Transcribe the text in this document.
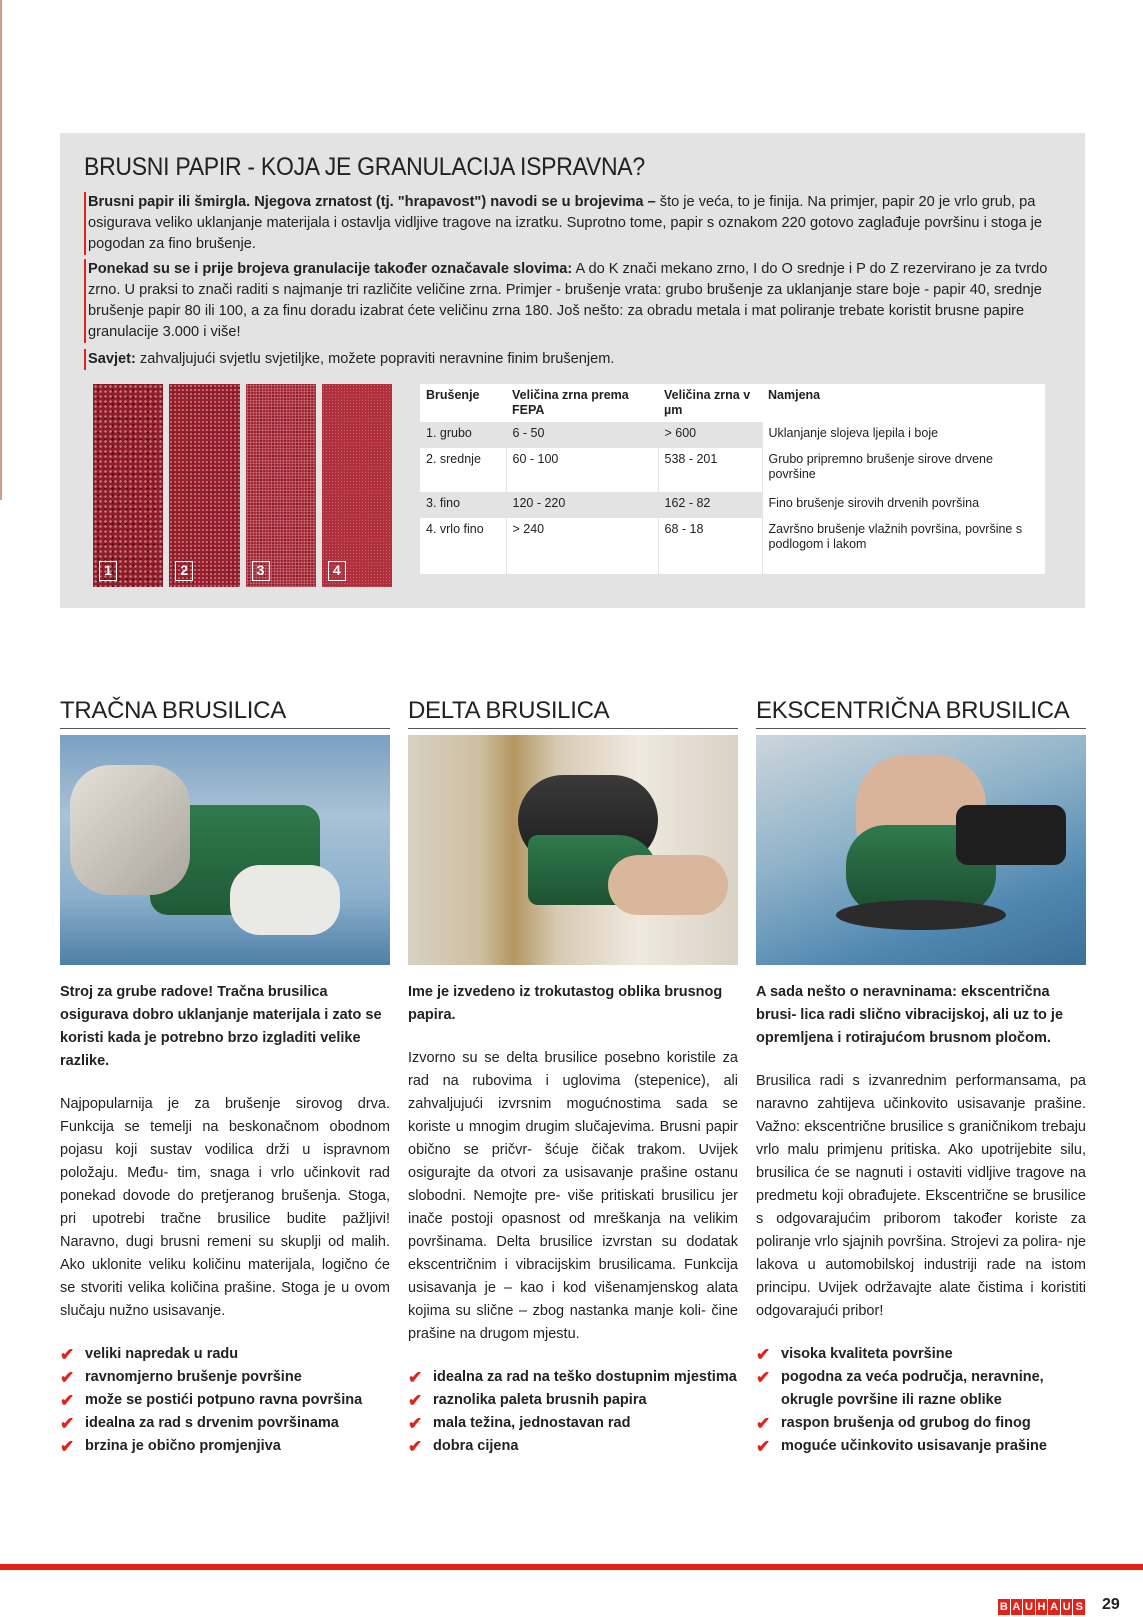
BRUSNI PAPIR - KOJA JE GRANULACIJA ISPRAVNA?

Brusni papir ili šmirgla. Njegova zrnatost (tj. "hrapavost") navodi se u brojevima – što je veća, to je finija. Na primjer, papir 20 je vrlo grub, pa osigurava veliko uklanjanje materijala i ostavlja vidljive tragove na izratku. Suprotno tome, papir s oznakom 220 gotovo zaglađuje površinu i stoga je pogodan za fino brušenje.

Ponekad su se i prije brojeva granulacije također označavale slovima: A do K znači mekano zrno, I do O srednje i P do Z rezervirano je za tvrdo zrno. U praksi to znači raditi s najmanje tri različite veličine zrna. Primjer - brušenje vrata: grubo brušenje za uklanjanje stare boje - papir 40, srednje brušenje papir 80 ili 100, a za finu doradu izabrat ćete veličinu zrna 180. Još nešto: za obradu metala i mat poliranje trebate koristit brusne papire granulacije 3.000 i više!

Savjet: zahvaljujući svjetlu svjetiljke, možete popraviti neravnine finim brušenjem.

1	2	3	4
Brušenje	Veličina zrna prema FEPA	Veličina zrna v µm	Namjena
1. grubo	6 - 50	> 600	Uklanjanje slojeva ljepila i boje
2. srednje	60 - 100	538 - 201	Grubo pripremno brušenje sirove drvene površine
3. fino	120 - 220	162 - 82	Fino brušenje sirovih drvenih površina
4. vrlo fino	> 240	68 - 18	Završno brušenje vlažnih površina, površine s podlogom i lakom
TRAČNA BRUSILICA

Stroj za grube radove! Tračna brusilica osigurava dobro uklanjanje materijala i zato se koristi kada je potrebno brzo izgladiti velike razlike.

Najpopularnija je za brušenje sirovog drva. Funkcija se temelji na beskonačnom obodnom pojasu koji sustav vodilica drži u ispravnom položaju. Među- tim, snaga i vrlo učinkovit rad ponekad dovode do pretjeranog brušenja. Stoga, pri upotrebi tračne brusilice budite pažljivi! Naravno, dugi brusni remeni su skuplji od malih. Ako uklonite veliku količinu materijala, logično će se stvoriti velika količina prašine. Stoga je u ovom slučaju nužno usisavanje.

✔ veliki napredak u radu
✔ ravnomjerno brušenje površine
✔ može se postići potpuno ravna površina
✔ idealna za rad s drvenim površinama
✔ brzina je obično promjenjiva
DELTA BRUSILICA

Ime je izvedeno iz trokutastog oblika brusnog papira.

Izvorno su se delta brusilice posebno koristile za rad na rubovima i uglovima (stepenice), ali zahvaljujući izvrsnim mogućnostima sada se koriste u mnogim drugim slučajevima. Brusni papir obično se pričvr- šćuje čičak trakom. Uvijek osigurajte da otvori za usisavanje prašine ostanu slobodni. Nemojte pre- više pritiskati brusilicu jer inače postoji opasnost od mreškanja na velikim površinama. Delta brusilice izvrstan su dodatak ekscentričnim i vibracijskim brusilicama. Funkcija usisavanja je – kao i kod višenamjenskog alata kojima su slične – zbog nastanka manje koli- čine prašine na drugom mjestu.

✔ idealna za rad na teško dostupnim mjestima
✔ raznolika paleta brusnih papira
✔ mala težina, jednostavan rad
✔ dobra cijena
EKSCENTRIČNA BRUSILICA

A sada nešto o neravninama: ekscentrična brusi- lica radi slično vibracijskoj, ali uz to je opremljena i rotirajućom brusnom pločom.

Brusilica radi s izvanrednim performansama, pa naravno zahtijeva učinkovito usisavanje prašine. Važno: ekscentrične brusilice s graničnikom trebaju vrlo malu primjenu pritiska. Ako upotrijebite silu, brusilica će se nagnuti i ostaviti vidljive tragove na predmetu koji obrađujete. Ekscentrične se brusilice s odgovarajućim priborom također koriste za poliranje vrlo sjajnih površina. Strojevi za polira- nje lakova u automobilskoj industriji rade na istom principu. Uvijek održavajte alate čistima i koristiti odgovarajući pribor!

✔ visoka kvaliteta površine
✔ pogodna za veća područja, neravnine, okrugle površine ili razne oblike
✔ raspon brušenja od grubog do finog
✔ moguće učinkovito usisavanje prašine
B A U H A U S 29
